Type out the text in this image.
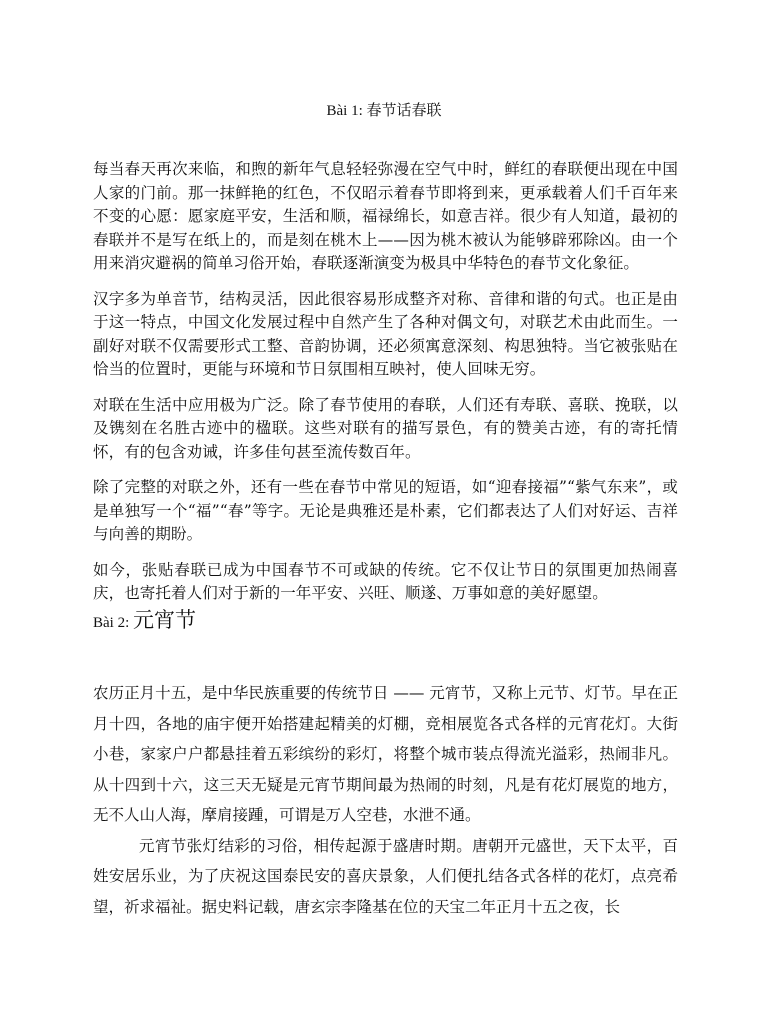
Bài 1: 春节话春联

每当春天再次来临，和煦的新年气息轻轻弥漫在空气中时，鲜红的春联便出现在中国人家的门前。那一抹鲜艳的红色，不仅昭示着春节即将到来，更承载着人们千百年来不变的心愿：愿家庭平安，生活和顺，福禄绵长，如意吉祥。很少有人知道，最初的春联并不是写在纸上的，而是刻在桃木上——因为桃木被认为能够辟邪除凶。由一个用来消灾避祸的简单习俗开始，春联逐渐演变为极具中华特色的春节文化象征。

汉字多为单音节，结构灵活，因此很容易形成整齐对称、音律和谐的句式。也正是由于这一特点，中国文化发展过程中自然产生了各种对偶文句，对联艺术由此而生。一副好对联不仅需要形式工整、音韵协调，还必须寓意深刻、构思独特。当它被张贴在恰当的位置时，更能与环境和节日氛围相互映衬，使人回味无穷。

对联在生活中应用极为广泛。除了春节使用的春联，人们还有寿联、喜联、挽联，以及镌刻在名胜古迹中的楹联。这些对联有的描写景色，有的赞美古迹，有的寄托情怀，有的包含劝诫，许多佳句甚至流传数百年。

除了完整的对联之外，还有一些在春节中常见的短语，如“迎春接福”“紫气东来”，或是单独写一个“福”“春”等字。无论是典雅还是朴素，它们都表达了人们对好运、吉祥与向善的期盼。

如今，张贴春联已成为中国春节不可或缺的传统。它不仅让节日的氛围更加热闹喜庆，也寄托着人们对于新的一年平安、兴旺、顺遂、万事如意的美好愿望。

Bài 2: 元宵节

农历正月十五，是中华民族重要的传统节日 —— 元宵节，又称上元节、灯节。早在正月十四，各地的庙宇便开始搭建起精美的灯棚，竞相展览各式各样的元宵花灯。大街小巷，家家户户都悬挂着五彩缤纷的彩灯，将整个城市装点得流光溢彩，热闹非凡。从十四到十六，这三天无疑是元宵节期间最为热闹的时刻，凡是有花灯展览的地方，无不人山人海，摩肩接踵，可谓是万人空巷，水泄不通。

元宵节张灯结彩的习俗，相传起源于盛唐时期。唐朝开元盛世，天下太平，百姓安居乐业，为了庆祝这国泰民安的喜庆景象，人们便扎结各式各样的花灯，点亮希望，祈求福祉。据史料记载，唐玄宗李隆基在位的天宝二年正月十五之夜，长
